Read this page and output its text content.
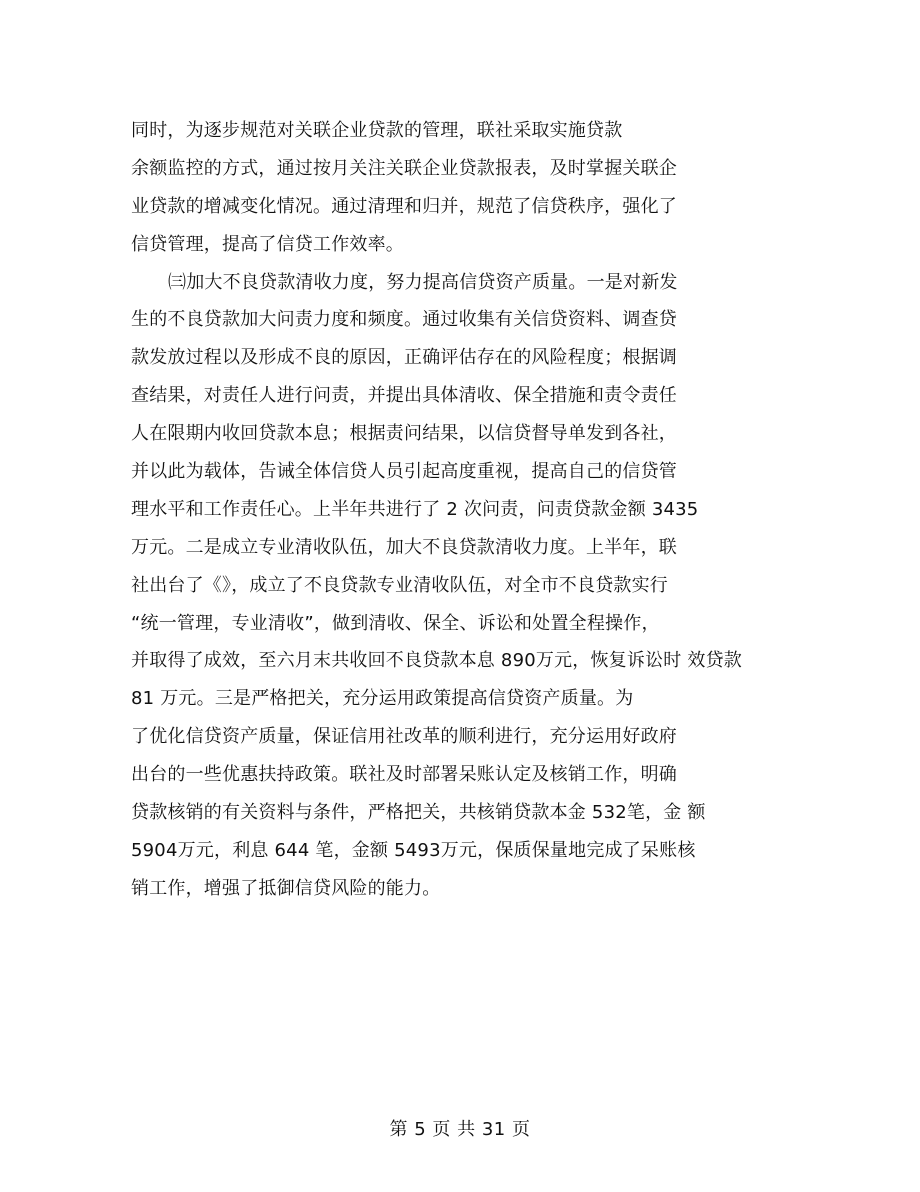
同时，为逐步规范对关联企业贷款的管理，联社采取实施贷款
余额监控的方式，通过按月关注关联企业贷款报表，及时掌握关联企
业贷款的增减变化情况。通过清理和归并，规范了信贷秩序，强化了
信贷管理，提高了信贷工作效率。
㈢加大不良贷款清收力度，努力提高信贷资产质量。一是对新发
生的不良贷款加大问责力度和频度。通过收集有关信贷资料、调查贷
款发放过程以及形成不良的原因，正确评估存在的风险程度；根据调
查结果，对责任人进行问责，并提出具体清收、保全措施和责令责任
人在限期内收回贷款本息；根据责问结果，以信贷督导单发到各社，
并以此为载体，告诫全体信贷人员引起高度重视，提高自己的信贷管
理水平和工作责任心。上半年共进行了 2 次问责，问责贷款金额 3435
万元。二是成立专业清收队伍，加大不良贷款清收力度。上半年，联
社出台了《》，成立了不良贷款专业清收队伍，对全市不良贷款实行
“统一管理，专业清收”，做到清收、保全、诉讼和处置全程操作，
并取得了成效，至六月末共收回不良贷款本息 890万元，恢复诉讼时 效贷款
81 万元。三是严格把关，充分运用政策提高信贷资产质量。为
了优化信贷资产质量，保证信用社改革的顺利进行，充分运用好政府
出台的一些优惠扶持政策。联社及时部署呆账认定及核销工作，明确
贷款核销的有关资料与条件，严格把关，共核销贷款本金 532笔，金 额
5904万元，利息 644 笔，金额 5493万元，保质保量地完成了呆账核
销工作，增强了抵御信贷风险的能力。
第 5 页 共 31 页
